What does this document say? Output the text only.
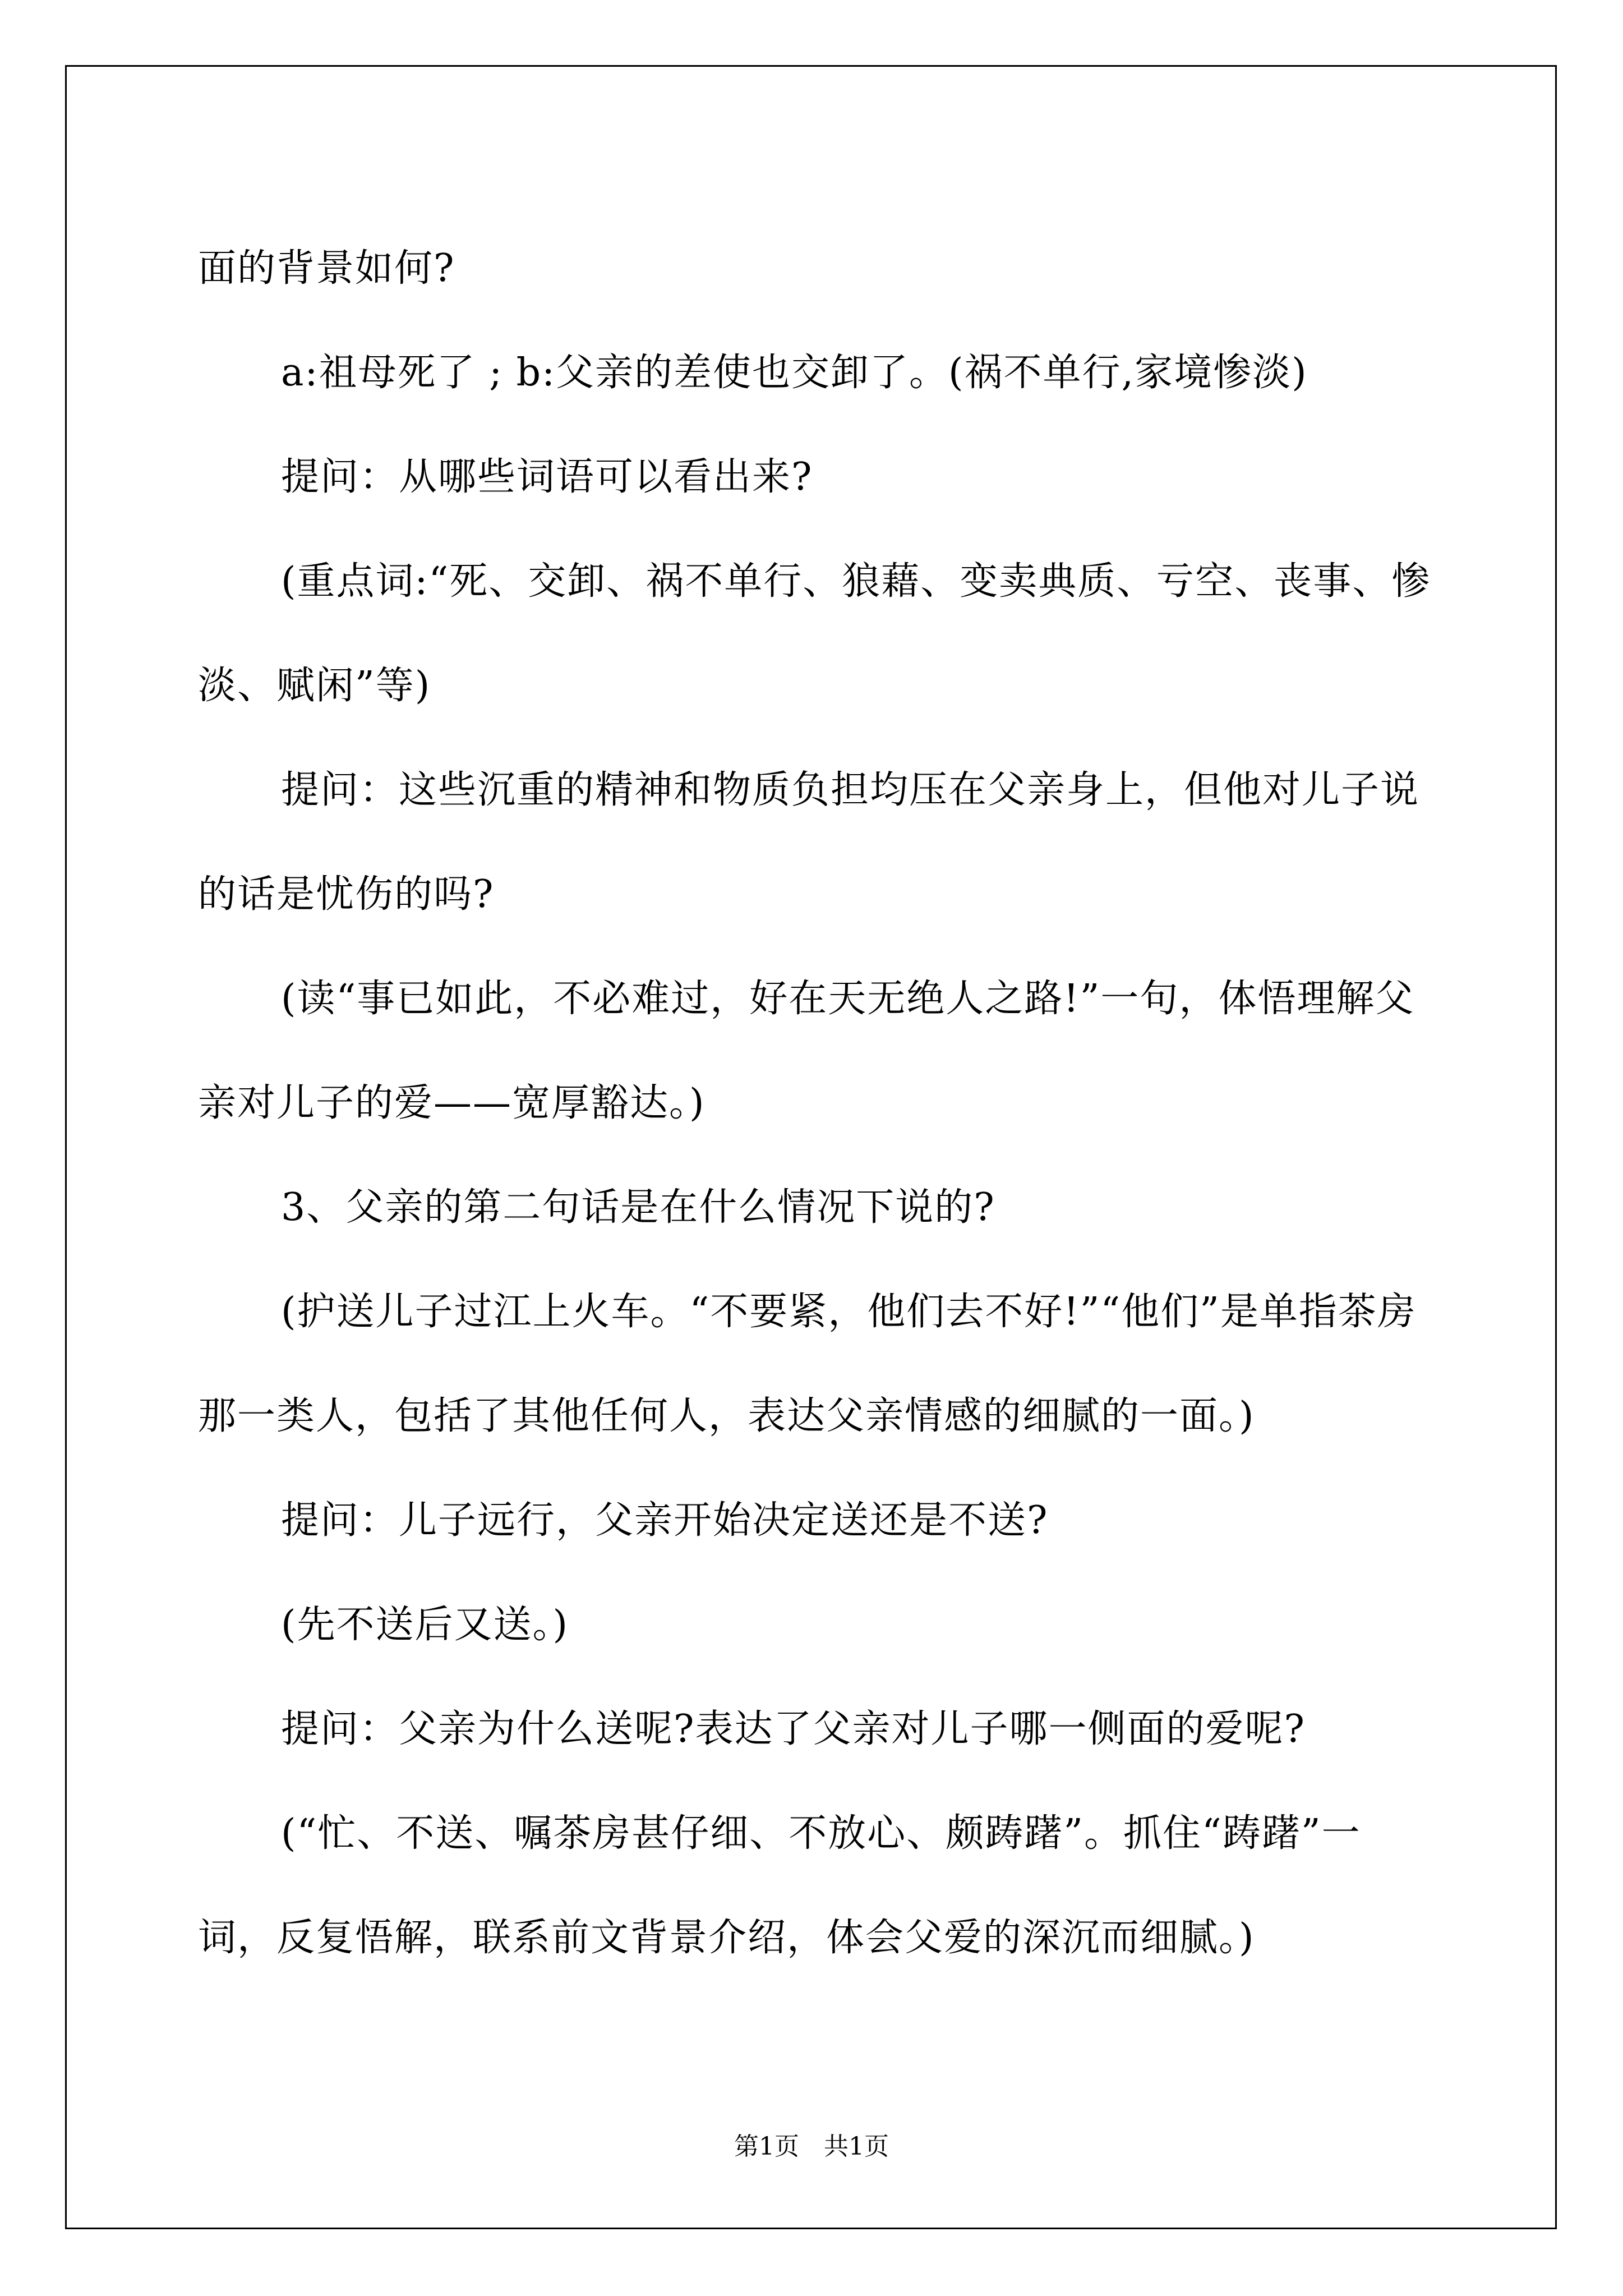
面的背景如何?

a:祖母死了 ; b:父亲的差使也交卸了。(祸不单行,家境惨淡)

提问：从哪些词语可以看出来?

(重点词:“死、交卸、祸不单行、狼藉、变卖典质、亏空、丧事、惨淡、赋闲”等)

提问：这些沉重的精神和物质负担均压在父亲身上，但他对儿子说的话是忧伤的吗?

(读“事已如此，不必难过，好在天无绝人之路!”一句，体悟理解父亲对儿子的爱——宽厚豁达。)

3、父亲的第二句话是在什么情况下说的?

(护送儿子过江上火车。“不要紧，他们去不好!”“他们”是单指茶房那一类人，包括了其他任何人，表达父亲情感的细腻的一面。)

提问：儿子远行，父亲开始决定送还是不送?

(先不送后又送。)

提问：父亲为什么送呢?表达了父亲对儿子哪一侧面的爱呢?

(“忙、不送、嘱茶房甚仔细、不放心、颇踌躇”。抓住“踌躇”一词，反复悟解，联系前文背景介绍，体会父爱的深沉而细腻。)

第1页　共1页
